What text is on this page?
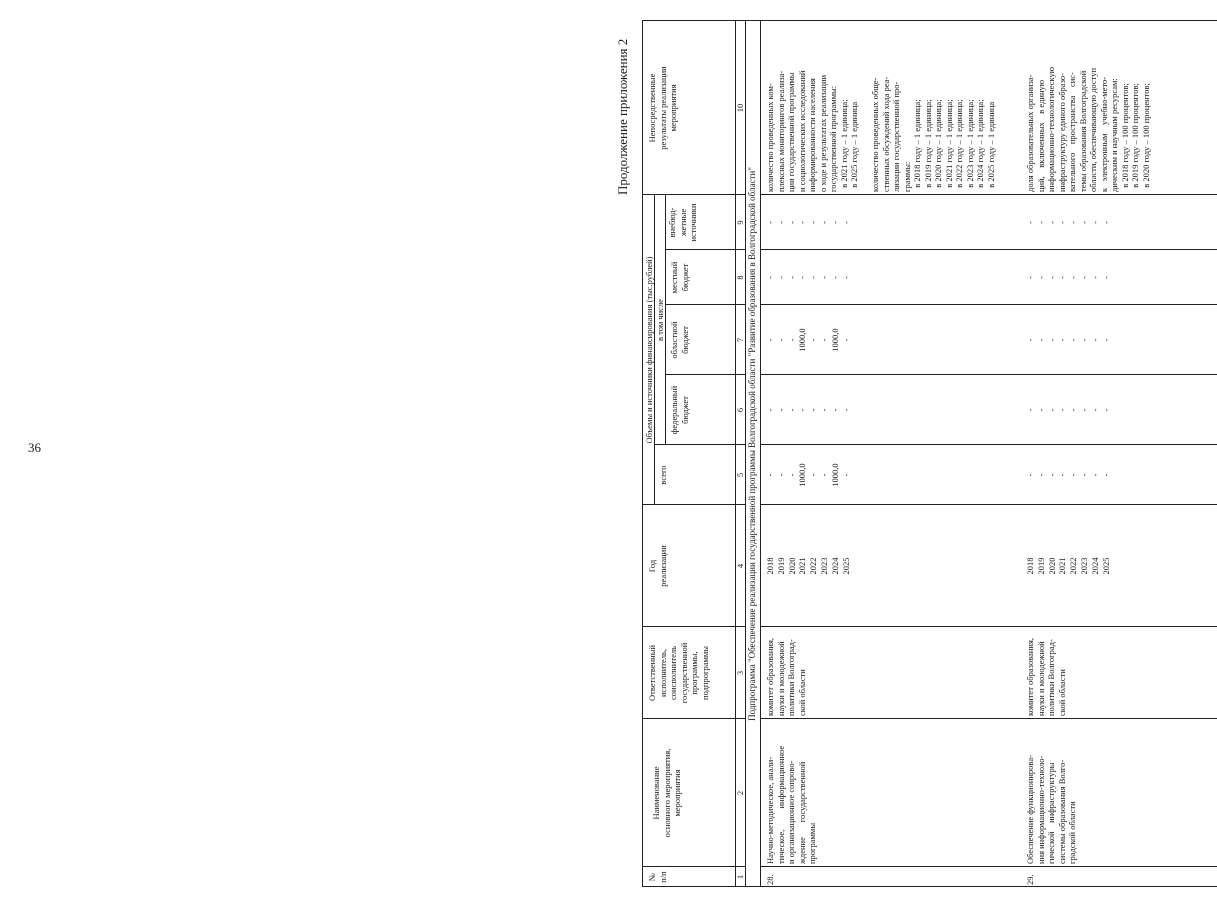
36
Продолжение приложения 2
№
п/п
Наименование
основного мероприятия,
мероприятия
Ответственный
исполнитель,
соисполнитель
государственной
программы,
подпрограммы
Год
реализации
Объемы и источники финансирования (тыс.рублей)
всего
в том числе
федеральный
бюджет
областной
бюджет
местный
бюджет
внебюд-
жетные
источники
Непосредственные
результаты реализации
мероприятия
1
2
3
4
5
6
7
8
9
10
Подпрограмма "Обеспечение реализации государственной программы Волгоградской области "Развитие образования в Волгоградской области"
28.
Научно-методическое, анали-
тическое,          информационное
и организационное сопрово-
ждение       государственной
программы
комитет образования,
науки и молодежной
политики Волгоград-
ской области
2018
2019
2020
2021
2022
2023
2024
2025
-
-
-
1000,0
-
-
1000,0
-
-
-
-
-
-
-
-
-
-
-
-
1000,0
-
-
1000,0
-
-
-
-
-
-
-
-
-
-
-
-
-
-
-
-
-
количество проведенных ком-
плексных мониторингов реализа-
ции государственной программы
и социологических исследований
информированности населения
о ходе и результатах реализации
государственной программы:
в 2021 году – 1 единица;
в 2025 году – 1 единица

количество проведенных обще-
ственных обсуждений хода реа-
лизации государственной про-
граммы:
в 2018 году – 1 единица;
в 2019 году – 1 единица;
в 2020 году – 1 единица;
в 2021 году – 1 единица;
в 2022 году – 1 единица;
в 2023 году – 1 единица;
в 2024 году – 1 единица;
в 2025 году – 1 единица
29.
Обеспечение функционирова-
ния информационно-техноло-
гической    инфраструктуры
системы образования Волго-
градской области
комитет образования,
науки и молодежной
политики Волгоград-
ской области
2018
2019
2020
2021
2022
2023
2024
2025
-
-
-
-
-
-
-
-
-
-
-
-
-
-
-
-
-
-
-
-
-
-
-
-
-
-
-
-
-
-
-
-
-
-
-
-
-
-
-
-
доля образовательных организа-
ций,    включенных    в единую
информационно-технологическую
инфраструктуру единого образо-
вательного    пространства    сис-
темы образования Волгоградской
области, обеспечивающую доступ
к   электронным    учебно-мето-
дическим и научным ресурсам:
в 2018 году – 100 процентов;
в 2019 году – 100 процентов;
в 2020 году – 100 процентов;
